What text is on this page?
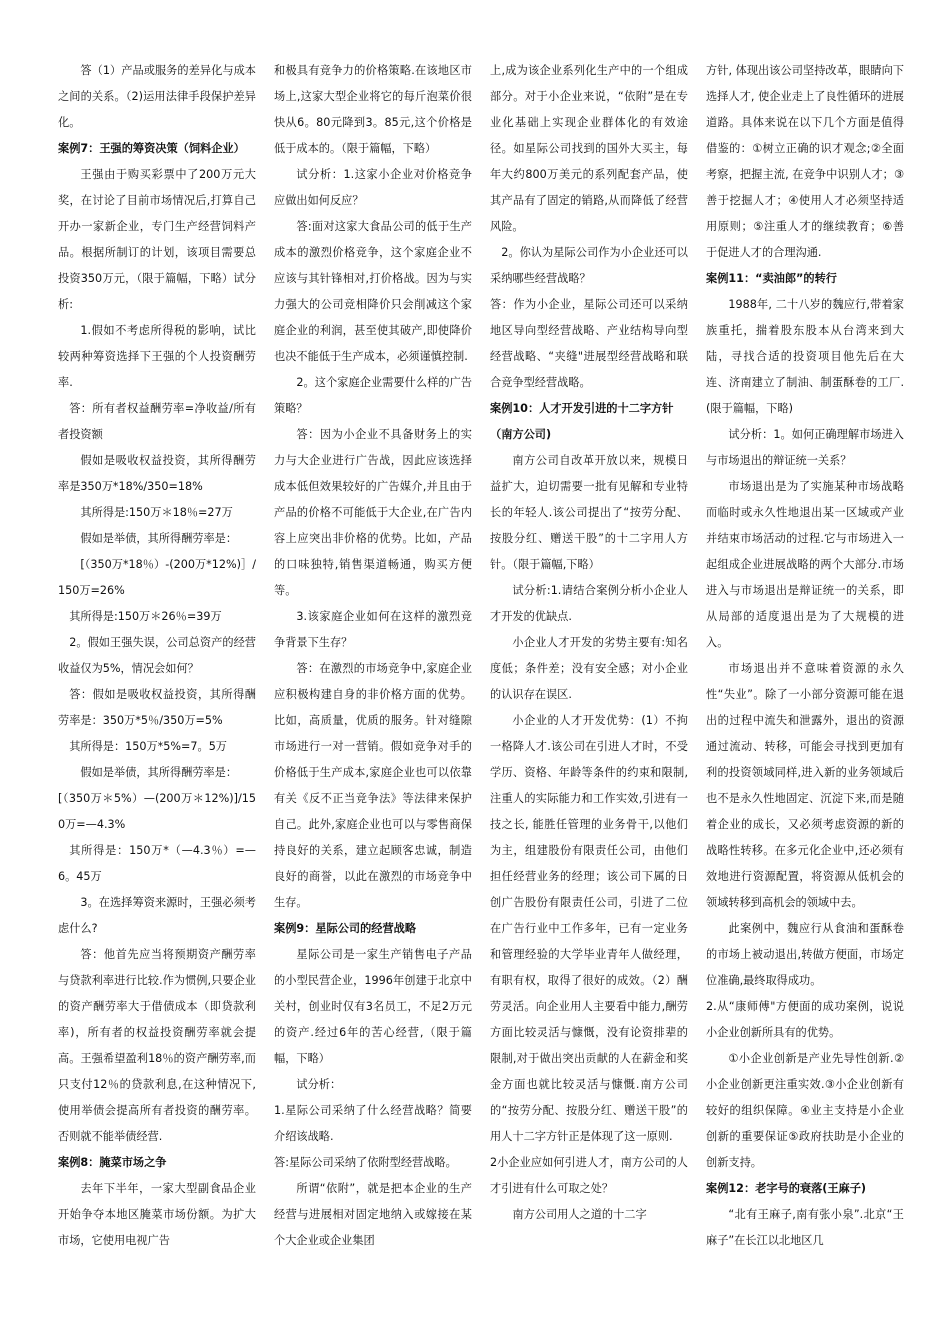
答（1）产品或服务的差异化与成本之间的关系。（2)运用法律手段保护差异化。

案例7：王强的筹资决策（饲料企业）

王强由于购买彩票中了200万元大奖，在讨论了目前市场情况后,打算自己开办一家新企业，专门生产经营饲料产品。根据所制订的计划，该项目需要总投资350万元，（限于篇幅，下略）试分析:

1.假如不考虑所得税的影响，试比较两种筹资选择下王强的个人投资酬劳率.

答：所有者权益酬劳率=净收益/所有者投资额

假如是吸收权益投资，其所得酬劳率是350万*18%/350=18%

其所得是:150万＊18％=27万

假如是举债，其所得酬劳率是：

[（350万*18％）-(200万*12%)］/150万=26%

其所得是:150万＊26％=39万

2。假如王强失误，公司总资产的经营收益仅为5%，情况会如何？

答：假如是吸收权益投资，其所得酬劳率是：350万*5％/350万=5%

其所得是：150万*5%=7。5万

假如是举债，其所得酬劳率是：

[（350万＊5%）—(200万＊12%)]/150万=—4.3%

其所得是：150万*（—4.3％）=—6。45万

3。在选择筹资来源时，王强必须考虑什么?

答：他首先应当将预期资产酬劳率与贷款利率进行比较.作为惯例,只要企业的资产酬劳率大于借债成本（即贷款利率)，所有者的权益投资酬劳率就会提高。王强希望盈利18％的资产酬劳率,而只支付12％的贷款利息,在这种情况下,使用举债会提高所有者投资的酬劳率。否则就不能举债经营.

案例8：腌菜市场之争

去年下半年，一家大型副食品企业开始争夺本地区腌菜市场份额。为扩大市场，它使用电视广告

和极具有竞争力的价格策略.在该地区市场上,这家大型企业将它的每斤泡菜价很快从6。80元降到3。85元,这个价格是低于成本的。（限于篇幅，下略）

试分析：1.这家小企业对价格竞争应做出如何反应？

答:面对这家大食品公司的低于生产成本的激烈价格竞争，这个家庭企业不应该与其针锋相对,打价格战。因为与实力强大的公司竞相降价只会削减这个家庭企业的利润，甚至使其破产,即使降价也决不能低于生产成本，必须谨慎控制.

2。这个家庭企业需要什么样的广告策略？

答：因为小企业不具备财务上的实力与大企业进行广告战，因此应该选择成本低但效果较好的广告媒介,并且由于产品的价格不可能低于大企业,在广告内容上应突出非价格的优势。比如，产品的口味独特,销售渠道畅通，购买方便等。

3.该家庭企业如何在这样的激烈竞争背景下生存？

答：在激烈的市场竞争中,家庭企业应积极构建自身的非价格方面的优势。比如，高质量，优质的服务。针对缝隙市场进行一对一营销。假如竞争对手的价格低于生产成本,家庭企业也可以依靠有关《反不正当竞争法》等法律来保护自己。此外,家庭企业也可以与零售商保持良好的关系，建立起顾客忠诚，制造良好的商誉，以此在激烈的市场竞争中生存。

案例9：星际公司的经营战略

星际公司是一家生产销售电子产品的小型民营企业，1996年创建于北京中关村，创业时仅有3名员工，不足2万元的资产.经过6年的苦心经营,（限于篇幅，下略）

试分析：

1.星际公司采纳了什么经营战略？简要介绍该战略.

答:星际公司采纳了依附型经营战略。

所谓“依附”，就是把本企业的生产经营与进展相对固定地纳入或嫁接在某个大企业或企业集团

上,成为该企业系列化生产中的一个组成部分。对于小企业来说，“依附”是在专业化基础上实现企业群体化的有效途径。如星际公司找到的国外大买主，每年大约800万美元的系列配套产品，使其产品有了固定的销路,从而降低了经营风险。

2。你认为星际公司作为小企业还可以采纳哪些经营战略？

答：作为小企业，星际公司还可以采纳地区导向型经营战略、产业结构导向型经营战略、“夹缝"进展型经营战略和联合竞争型经营战略。

案例10：人才开发引进的十二字方针（南方公司)

南方公司自改革开放以来，规模日益扩大，迫切需要一批有见解和专业特长的年轻人.该公司提出了“按劳分配、按股分红、赠送干股”的十二字用人方针。（限于篇幅,下略）

试分析:1.请结合案例分析小企业人才开发的优缺点.

小企业人才开发的劣势主要有:知名度低；条件差；没有安全感；对小企业的认识存在误区.

小企业的人才开发优势：(1）不拘一格降人才.该公司在引进人才时，不受学历、资格、年龄等条件的约束和限制,注重人的实际能力和工作实效,引进有一技之长, 能胜任管理的业务骨干,以他们为主，组建股份有限责任公司，由他们担任经营业务的经理；该公司下属的日创广告股份有限责任公司，引进了二位在广告行业中工作多年，已有一定业务和管理经验的大学毕业青年人做经理，有职有权，取得了很好的成效。（2）酬劳灵活。向企业用人主要看中能力,酬劳方面比较灵活与慷慨，没有论资排辈的限制,对于做出突出贡献的人在薪金和奖金方面也就比较灵活与慷慨.南方公司的“按劳分配、按股分红、赠送干股”的用人十二字方针正是体现了这一原则.

2小企业应如何引进人才，南方公司的人才引进有什么可取之处？

南方公司用人之道的十二字

方针, 体现出该公司坚持改革，眼睛向下选择人才, 使企业走上了良性循环的进展道路。具体来说在以下几个方面是值得借鉴的：①树立正确的识才观念;②全面考察，把握主流, 在竞争中识别人才；③善于挖掘人才；④使用人才必须坚持适用原则；⑤注重人才的继续教育；⑥善于促进人才的合理沟通.

案例11：“卖油郎”的转行

1988年, 二十八岁的魏应行,带着家族重托，揣着股东股本从台湾来到大陆，寻找合适的投资项目他先后在大连、济南建立了制油、制蛋酥卷的工厂.(限于篇幅，下略)

试分析：1。如何正确理解市场进入与市场退出的辩证统一关系？

市场退出是为了实施某种市场战略而临时或永久性地退出某一区域或产业并结束市场活动的过程.它与市场进入一起组成企业进展战略的两个大部分.市场进入与市场退出是辩证统一的关系，即从局部的适度退出是为了大规模的进入。

市场退出并不意味着资源的永久性“失业”。除了一小部分资源可能在退出的过程中流失和泄露外，退出的资源通过流动、转移，可能会寻找到更加有利的投资领域同样,进入新的业务领域后也不是永久性地固定、沉淀下来,而是随着企业的成长，又必须考虑资源的新的战略性转移。在多元化企业中,还必须有效地进行资源配置，将资源从低机会的领域转移到高机会的领域中去。

此案例中，魏应行从食油和蛋酥卷的市场上被动退出,转做方便面，市场定位准确,最终取得成功。

2.从“康师傅"方便面的成功案例，说说小企业创新所具有的优势。

①小企业创新是产业先导性创新.② 小企业创新更注重实效.③小企业创新有较好的组织保障。④业主支持是小企业创新的重要保证⑤政府扶助是小企业的创新支持。

案例12：老字号的衰落(王麻子)

“北有王麻子,南有张小泉”.北京“王麻子”在长江以北地区几
